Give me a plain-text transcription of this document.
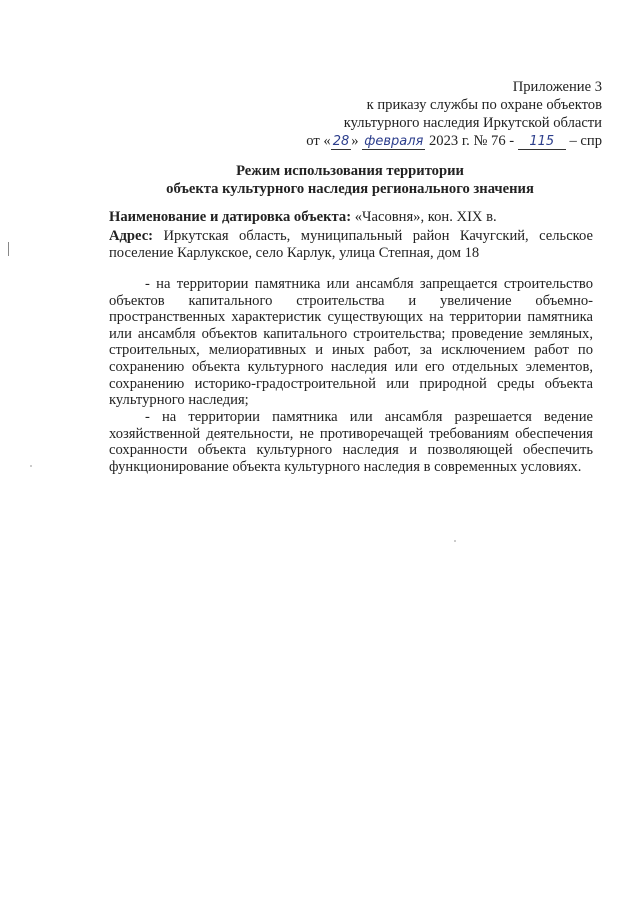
Приложение 3
к приказу службы по охране объектов
культурного наследия Иркутской области
от « 28 » февраля 2023 г. № 76 - 115 – спр
Режим использования территории
объекта культурного наследия регионального значения
Наименование и датировка объекта: «Часовня», кон. XIX в.
Адрес: Иркутская область, муниципальный район Качугский, сельское поселение Карлукское, село Карлук, улица Степная, дом 18

- на территории памятника или ансамбля запрещается строительство объектов капитального строительства и увеличение объемно-пространственных характеристик существующих на территории памятника или ансамбля объектов капитального строительства; проведение земляных, строительных, мелиоративных и иных работ, за исключением работ по сохранению объекта культурного наследия или его отдельных элементов, сохранению историко-градостроительной или природной среды объекта культурного наследия;

- на территории памятника или ансамбля разрешается ведение хозяйственной деятельности, не противоречащей требованиям обеспечения сохранности объекта культурного наследия и позволяющей обеспечить функционирование объекта культурного наследия в современных условиях.
